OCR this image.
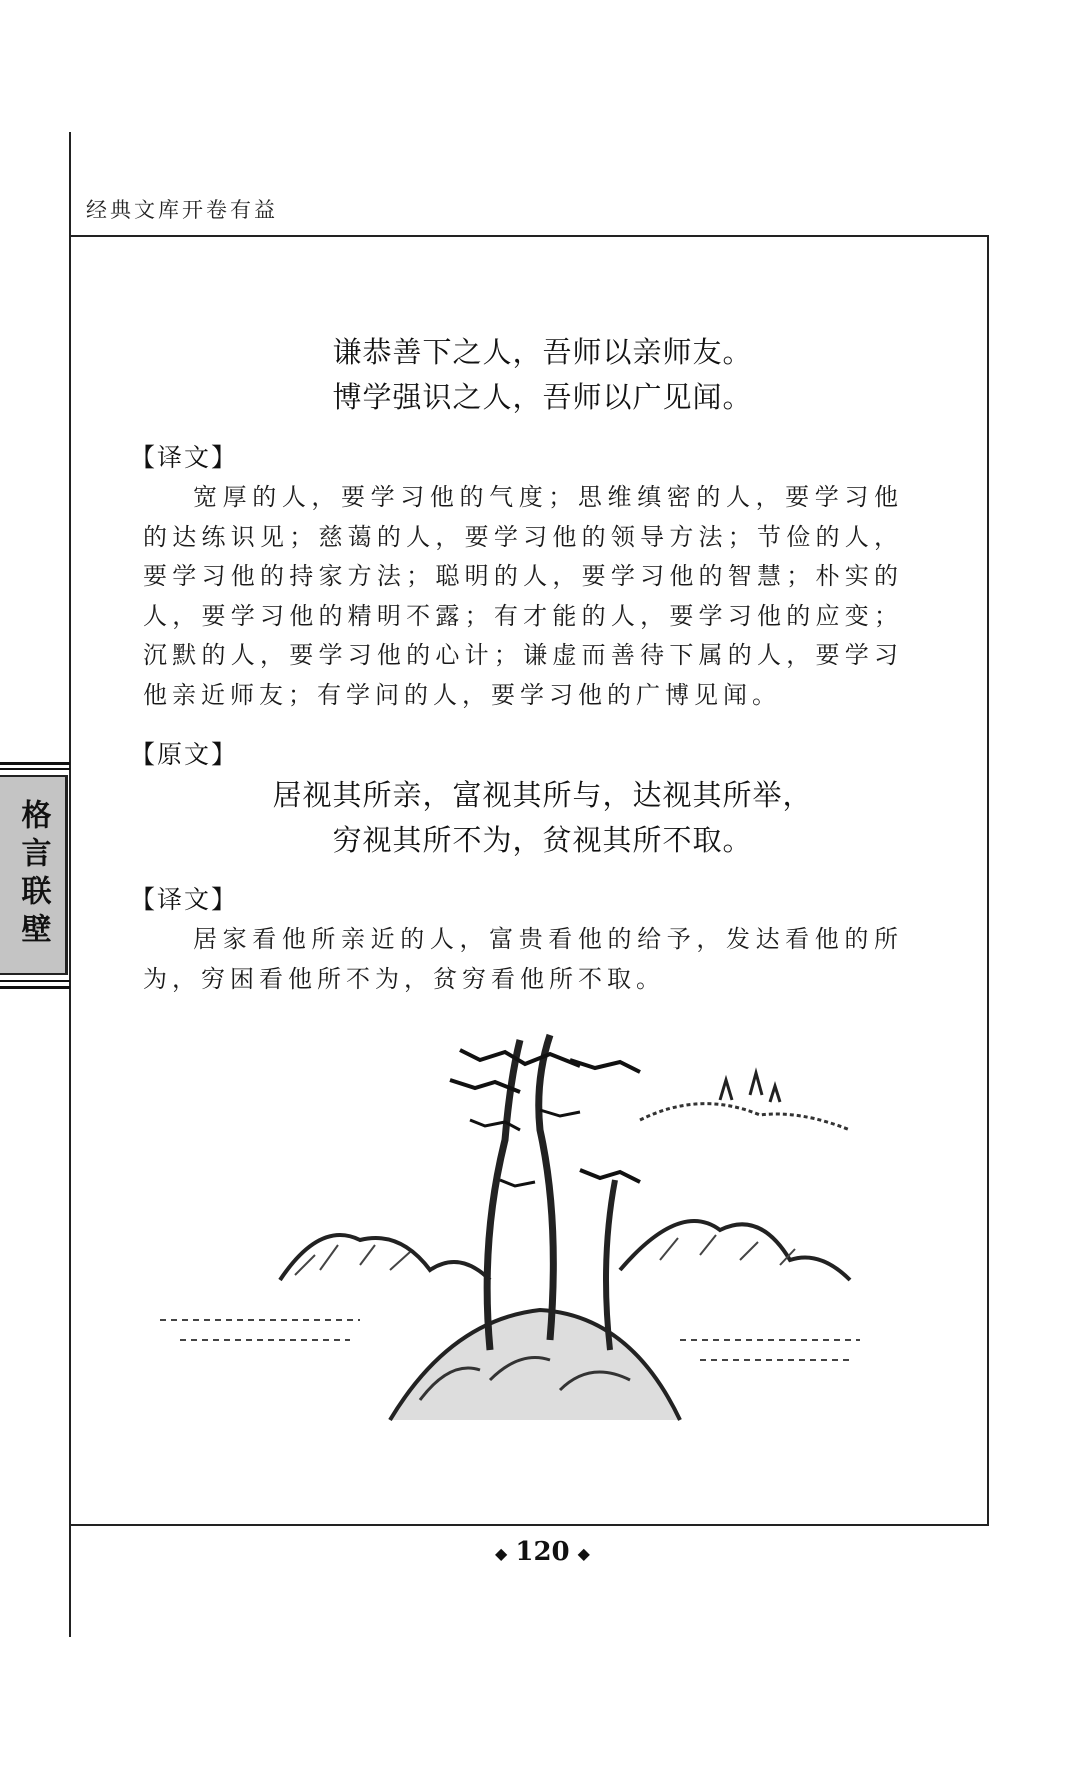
经典文库开卷有益

谦恭善下之人，吾师以亲师友。

博学强识之人，吾师以广见闻。

【译文】

宽厚的人，要学习他的气度；思维缜密的人，要学习他的达练识见；慈蔼的人，要学习他的领导方法；节俭的人，要学习他的持家方法；聪明的人，要学习他的智慧；朴实的人，要学习他的精明不露；有才能的人，要学习他的应变；沉默的人，要学习他的心计；谦虚而善待下属的人，要学习他亲近师友；有学问的人，要学习他的广博见闻。

【原文】

居视其所亲，富视其所与，达视其所举，

穷视其所不为，贫视其所不取。

【译文】

居家看他所亲近的人，富贵看他的给予，发达看他的所为，穷困看他所不为，贫穷看他所不取。

格言联壁
◆ 120 ◆
